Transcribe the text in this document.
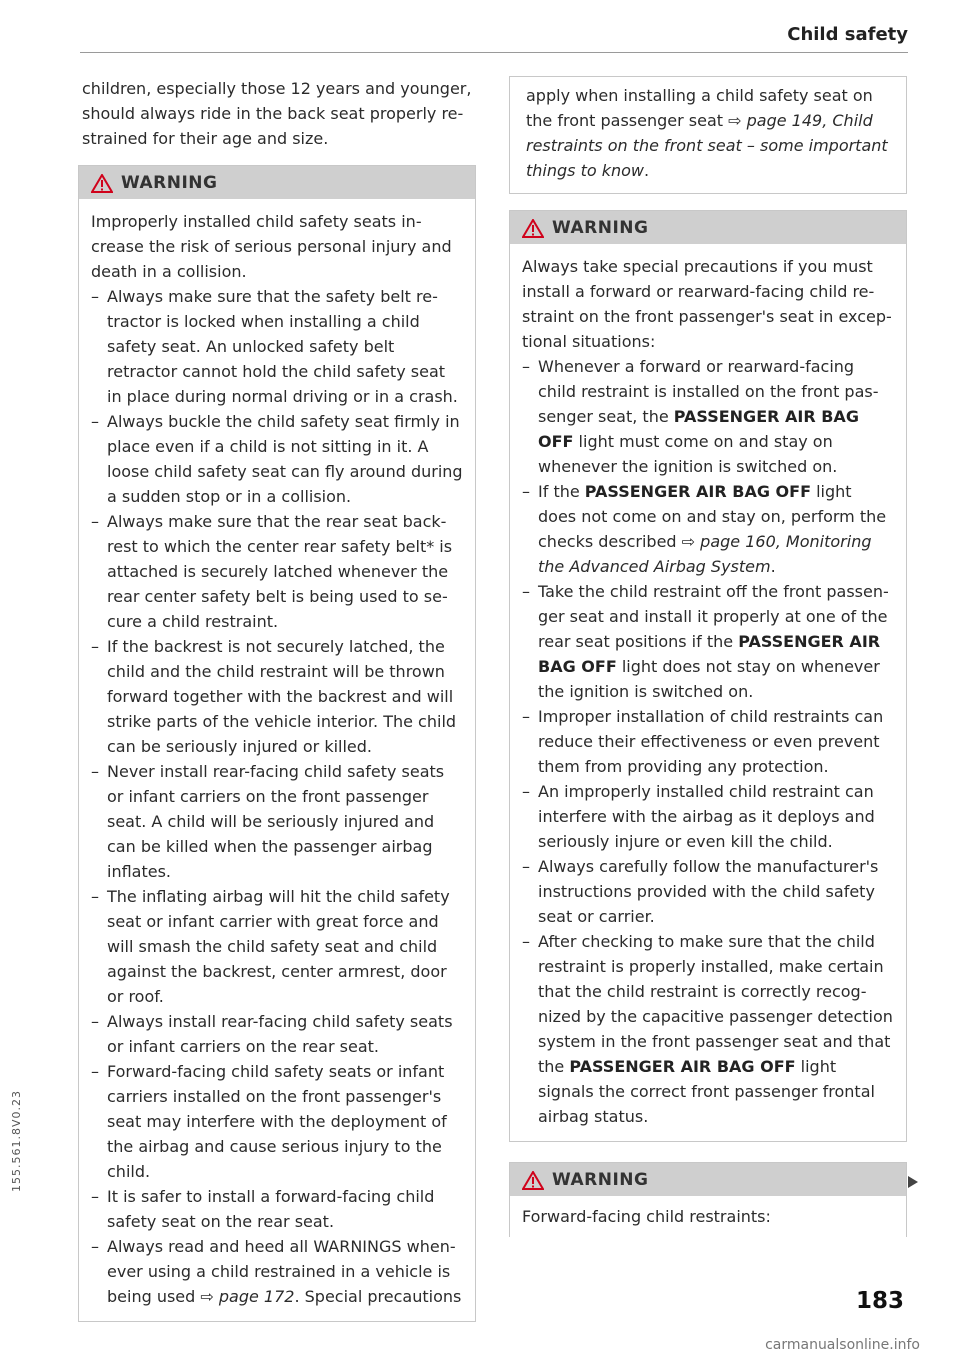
Child safety

children, especially those 12 years and younger, should always ride in the back seat properly restrained for their age and size.

WARNING

Improperly installed child safety seats increase the risk of serious personal injury and death in a collision.

– Always make sure that the safety belt retractor is locked when installing a child safety seat. An unlocked safety belt retractor cannot hold the child safety seat in place during normal driving or in a crash.
– Always buckle the child safety seat firmly in place even if a child is not sitting in it. A loose child safety seat can fly around during a sudden stop or in a collision.
– Always make sure that the rear seat backrest to which the center rear safety belt* is attached is securely latched whenever the rear center safety belt is being used to secure a child restraint.
– If the backrest is not securely latched, the child and the child restraint will be thrown forward together with the backrest and will strike parts of the vehicle interior. The child can be seriously injured or killed.
– Never install rear-facing child safety seats or infant carriers on the front passenger seat. A child will be seriously injured and can be killed when the passenger airbag inflates.
– The inflating airbag will hit the child safety seat or infant carrier with great force and will smash the child safety seat and child against the backrest, center armrest, door or roof.
– Always install rear-facing child safety seats or infant carriers on the rear seat.
– Forward-facing child safety seats or infant carriers installed on the front passenger's seat may interfere with the deployment of the airbag and cause serious injury to the child.
– It is safer to install a forward-facing child safety seat on the rear seat.
– Always read and heed all WARNINGS whenever using a child restrained in a vehicle is being used ⇨ page 172. Special precautions
apply when installing a child safety seat on the front passenger seat ⇨ page 149, Child restraints on the front seat – some important things to know.
WARNING

Always take special precautions if you must install a forward or rearward-facing child restraint on the front passenger's seat in exceptional situations:

– Whenever a forward or rearward-facing child restraint is installed on the front passenger seat, the PASSENGER AIR BAG OFF light must come on and stay on whenever the ignition is switched on.
– If the PASSENGER AIR BAG OFF light does not come on and stay on, perform the checks described ⇨ page 160, Monitoring the Advanced Airbag System.
– Take the child restraint off the front passenger seat and install it properly at one of the rear seat positions if the PASSENGER AIR BAG OFF light does not stay on whenever the ignition is switched on.
– Improper installation of child restraints can reduce their effectiveness or even prevent them from providing any protection.
– An improperly installed child restraint can interfere with the airbag as it deploys and seriously injure or even kill the child.
– Always carefully follow the manufacturer's instructions provided with the child safety seat or carrier.
– After checking to make sure that the child restraint is properly installed, make certain that the child restraint is correctly recognized by the capacitive passenger detection system in the front passenger seat and that the PASSENGER AIR BAG OFF light signals the correct front passenger frontal airbag status.
WARNING

Forward-facing child restraints:

183
155.561.8V0.23
carmanualsonline.info
